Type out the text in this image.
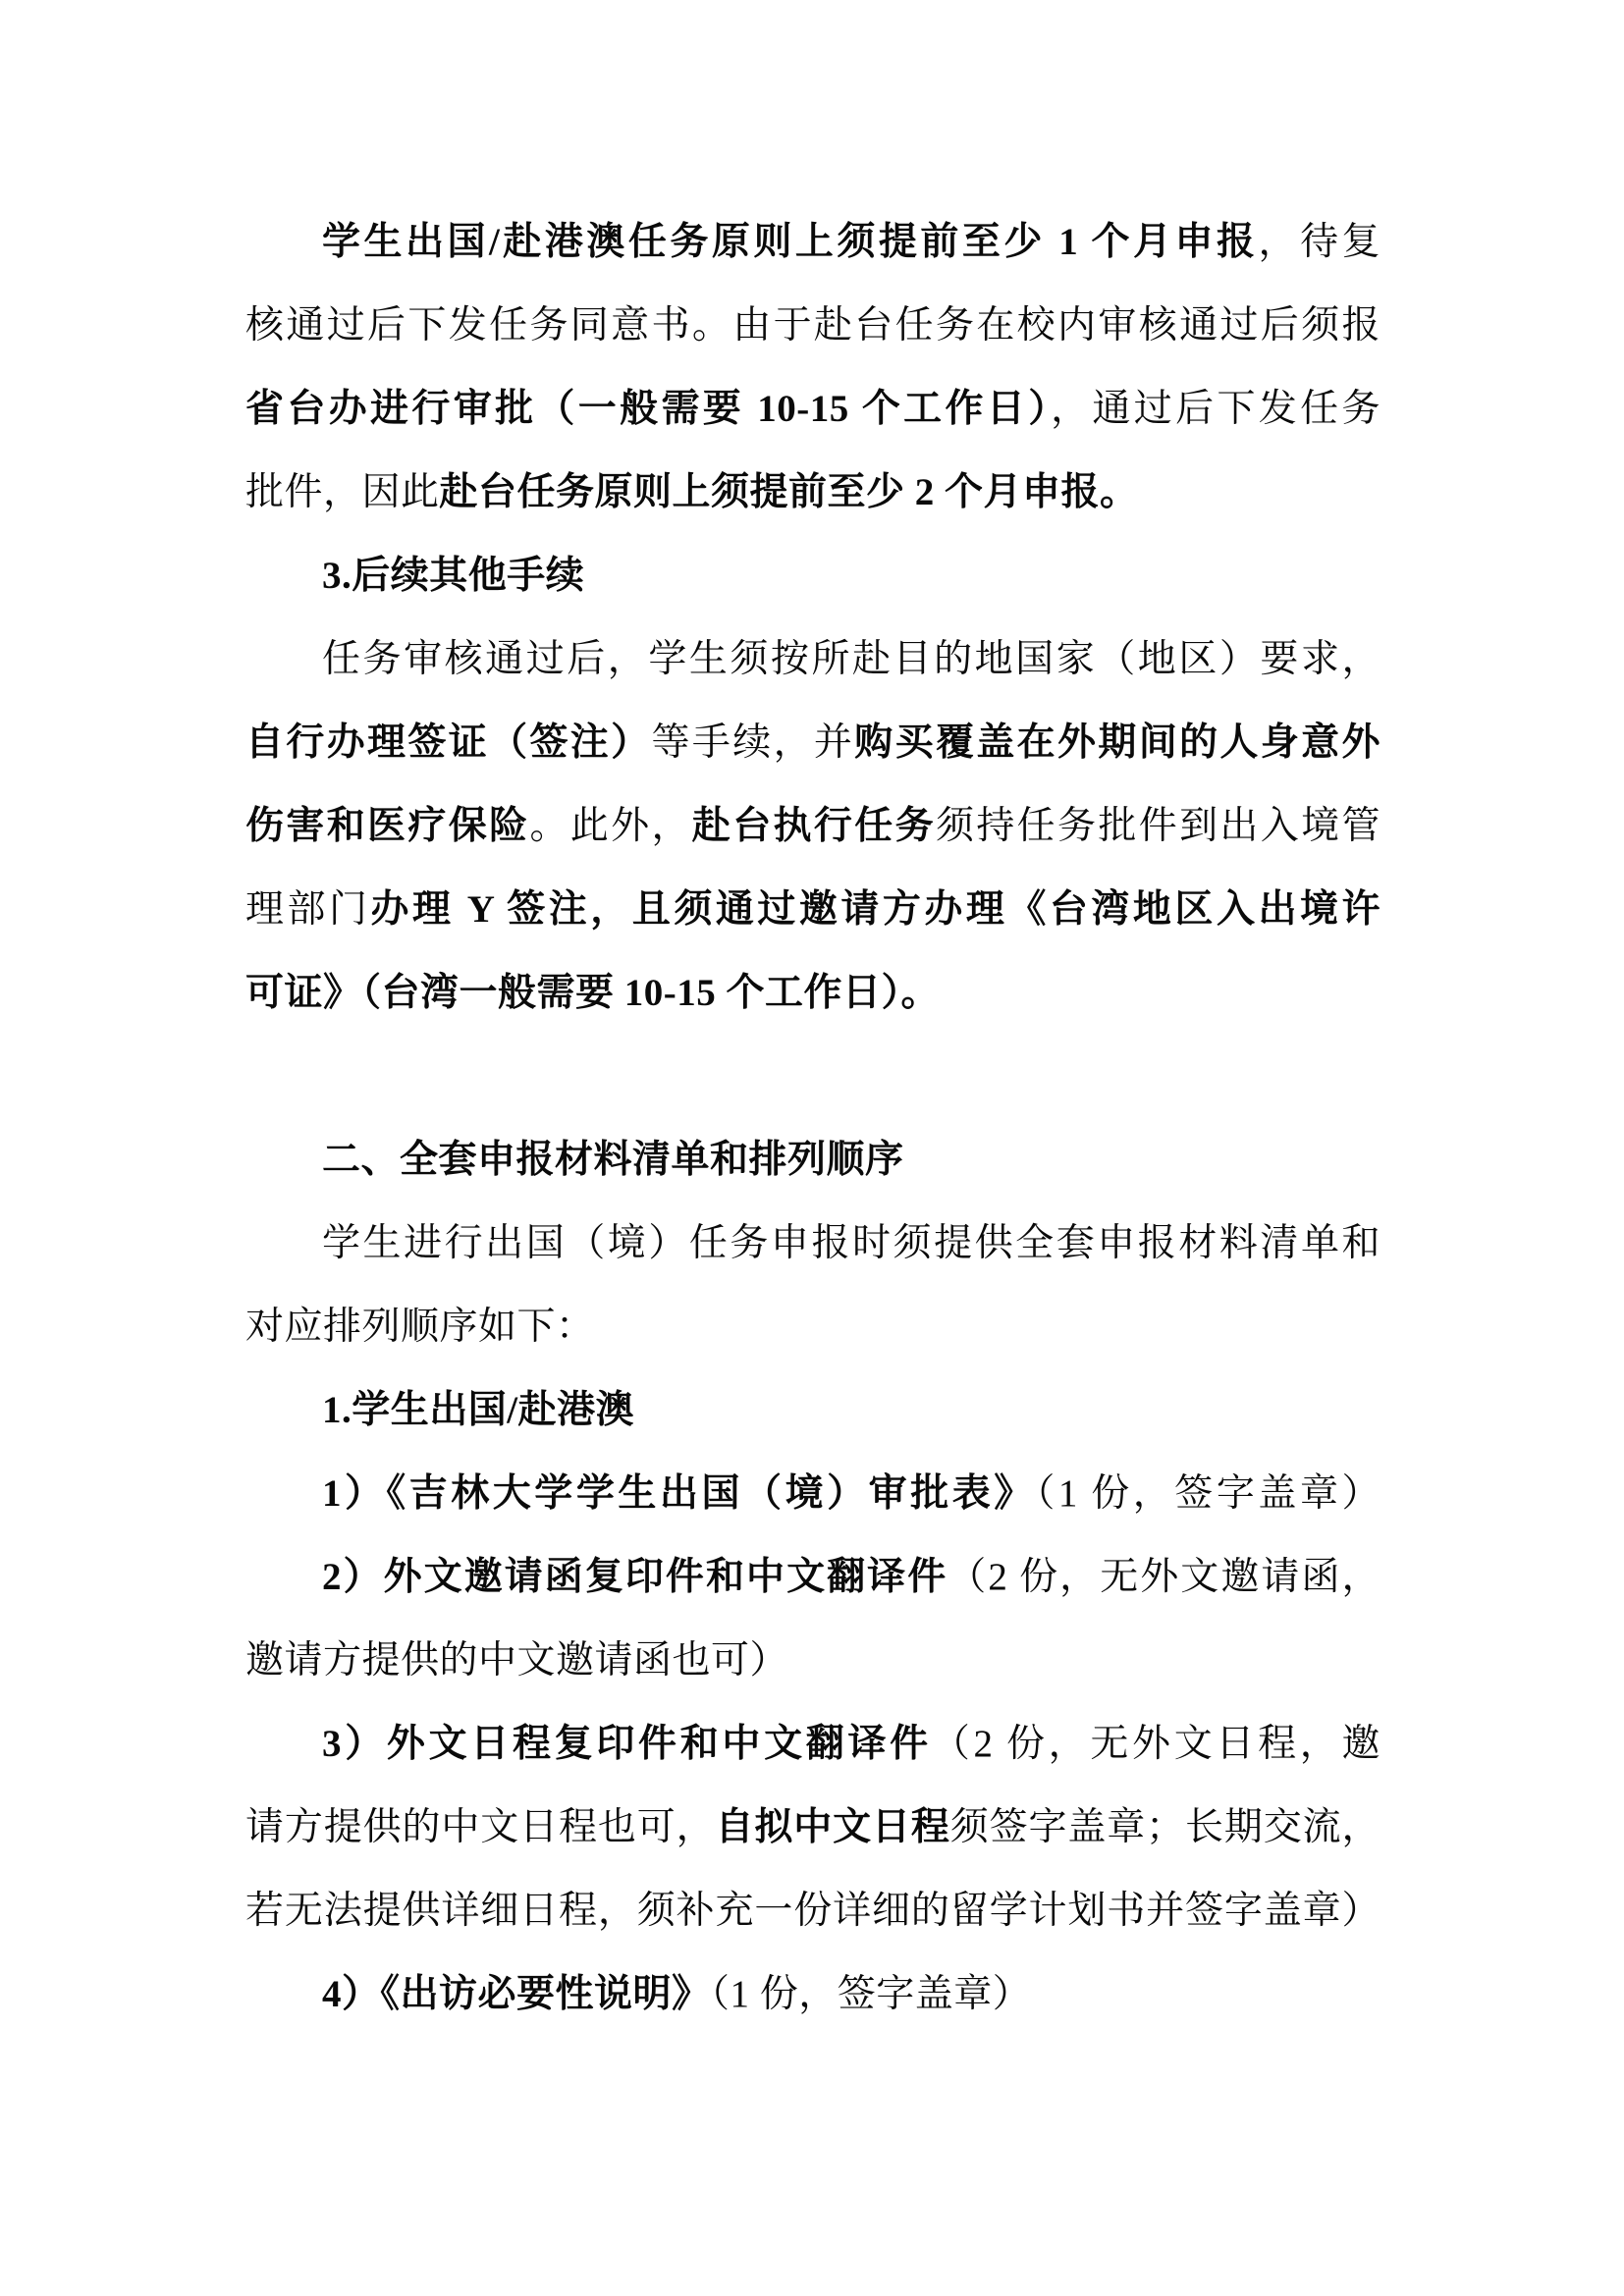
学生出国/赴港澳任务原则上须提前至少 1 个月申报，待复
核通过后下发任务同意书。由于赴台任务在校内审核通过后须报
省台办进行审批（一般需要 10-15 个工作日），通过后下发任务
批件，因此赴台任务原则上须提前至少 2 个月申报。
3.后续其他手续
任务审核通过后，学生须按所赴目的地国家（地区）要求，
自行办理签证（签注）等手续，并购买覆盖在外期间的人身意外
伤害和医疗保险。此外，赴台执行任务须持任务批件到出入境管
理部门办理 Y 签注，且须通过邀请方办理《台湾地区入出境许
可证》（台湾一般需要 10-15 个工作日）。
二、全套申报材料清单和排列顺序
学生进行出国（境）任务申报时须提供全套申报材料清单和
对应排列顺序如下：
1.学生出国/赴港澳
1）《吉林大学学生出国（境）审批表》（1 份，签字盖章）
2）外文邀请函复印件和中文翻译件（2 份，无外文邀请函，
邀请方提供的中文邀请函也可）
3）外文日程复印件和中文翻译件（2 份，无外文日程，邀
请方提供的中文日程也可，自拟中文日程须签字盖章；长期交流，
若无法提供详细日程，须补充一份详细的留学计划书并签字盖章）
4）《出访必要性说明》（1 份，签字盖章）
